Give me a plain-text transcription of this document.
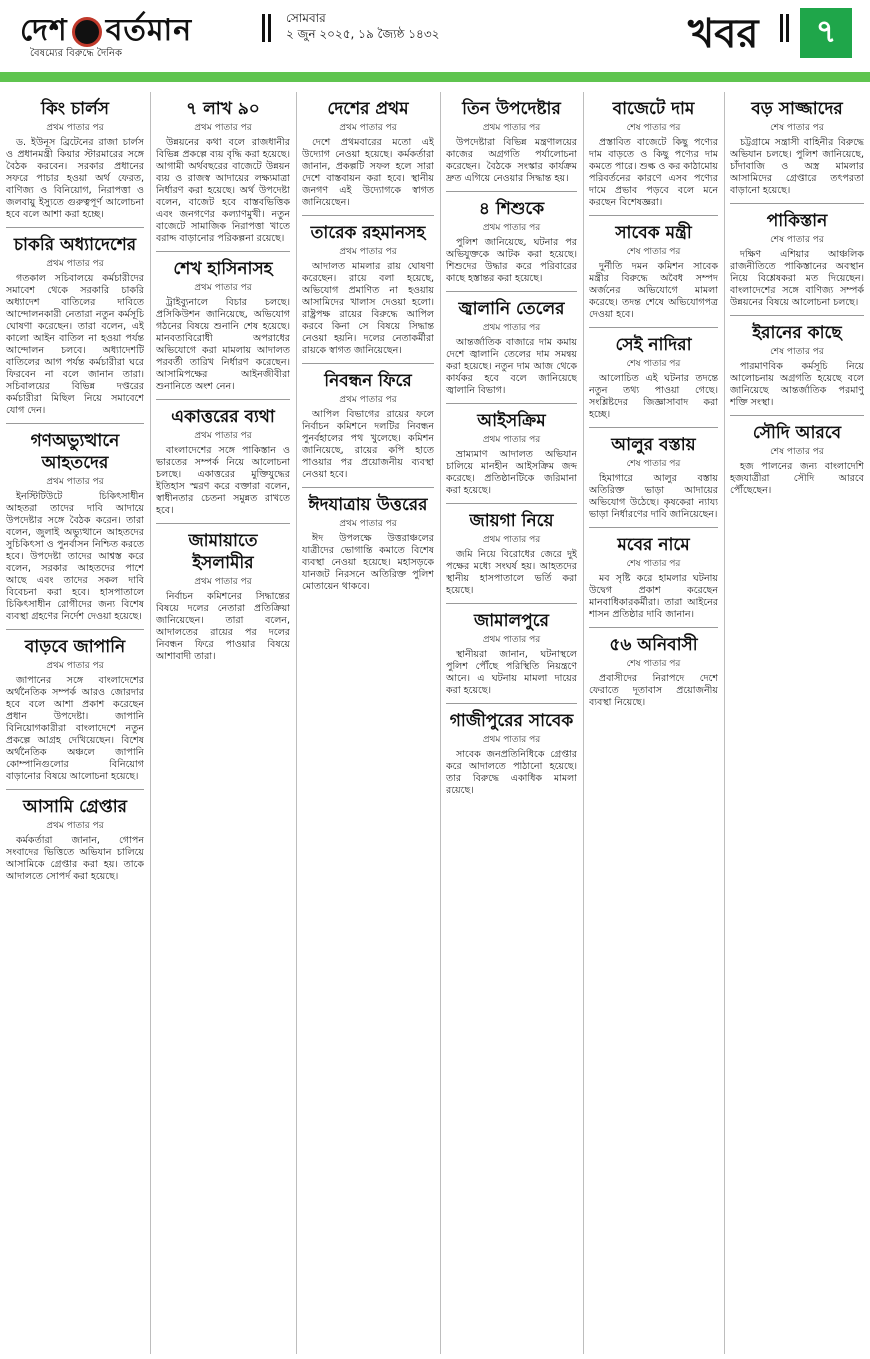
দেশ বর্তমান
বৈষম্যের বিরুদ্ধে দৈনিক
সোমবার
২ জুন ২০২৫, ১৯ জ্যৈষ্ঠ ১৪৩২	খবর	৭
কিং চার্লস
প্রথম পাতার পর

ড. ইউনূস ব্রিটেনের রাজা চার্লস ও প্রধানমন্ত্রী কিয়ার স্টারমারের সঙ্গে বৈঠক করবেন। সরকার প্রধানের সফরে পাচার হওয়া অর্থ ফেরত, বাণিজ্য ও বিনিয়োগ, নিরাপত্তা ও জলবায়ু ইস্যুতে গুরুত্বপূর্ণ আলোচনা হবে বলে আশা করা হচ্ছে।

চাকরি অধ্যাদেশের
প্রথম পাতার পর

গতকাল সচিবালয়ে কর্মচারীদের সমাবেশ থেকে সরকারি চাকরি অধ্যাদেশ বাতিলের দাবিতে আন্দোলনকারী নেতারা নতুন কর্মসূচি ঘোষণা করেছেন। তারা বলেন, এই কালো আইন বাতিল না হওয়া পর্যন্ত আন্দোলন চলবে। অধ্যাদেশটি বাতিলের আগ পর্যন্ত কর্মচারীরা ঘরে ফিরবেন না বলে জানান তারা। সচিবালয়ের বিভিন্ন দপ্তরের কর্মচারীরা মিছিল নিয়ে সমাবেশে যোগ দেন।

গণঅভ্যুত্থানে আহতদের
প্রথম পাতার পর

ইনস্টিটিউটে চিকিৎসাধীন আহতরা তাদের দাবি আদায়ে উপদেষ্টার সঙ্গে বৈঠক করেন। তারা বলেন, জুলাই অভ্যুত্থানে আহতদের সুচিকিৎসা ও পুনর্বাসন নিশ্চিত করতে হবে। উপদেষ্টা তাদের আশ্বস্ত করে বলেন, সরকার আহতদের পাশে আছে এবং তাদের সকল দাবি বিবেচনা করা হবে। হাসপাতালে চিকিৎসাধীন রোগীদের জন্য বিশেষ ব্যবস্থা গ্রহণের নির্দেশ দেওয়া হয়েছে।

বাড়বে জাপানি
প্রথম পাতার পর

জাপানের সঙ্গে বাংলাদেশের অর্থনৈতিক সম্পর্ক আরও জোরদার হবে বলে আশা প্রকাশ করেছেন প্রধান উপদেষ্টা। জাপানি বিনিয়োগকারীরা বাংলাদেশে নতুন প্রকল্পে আগ্রহ দেখিয়েছেন। বিশেষ অর্থনৈতিক অঞ্চলে জাপানি কোম্পানিগুলোর বিনিয়োগ বাড়ানোর বিষয়ে আলোচনা হয়েছে।

আসামি গ্রেপ্তার
প্রথম পাতার পর

কর্মকর্তারা জানান, গোপন সংবাদের ভিত্তিতে অভিযান চালিয়ে আসামিকে গ্রেপ্তার করা হয়। তাকে আদালতে সোপর্দ করা হয়েছে।

৭ লাখ ৯০
প্রথম পাতার পর

উন্নয়নের কথা বলে রাজধানীর বিভিন্ন প্রকল্পে ব্যয় বৃদ্ধি করা হয়েছে। আগামী অর্থবছরের বাজেটে উন্নয়ন ব্যয় ও রাজস্ব আদায়ের লক্ষ্যমাত্রা নির্ধারণ করা হয়েছে। অর্থ উপদেষ্টা বলেন, বাজেট হবে বাস্তবভিত্তিক এবং জনগণের কল্যাণমুখী। নতুন বাজেটে সামাজিক নিরাপত্তা খাতে বরাদ্দ বাড়ানোর পরিকল্পনা রয়েছে।

শেখ হাসিনাসহ
প্রথম পাতার পর

ট্রাইব্যুনালে বিচার চলছে। প্রসিকিউশন জানিয়েছে, অভিযোগ গঠনের বিষয়ে শুনানি শেষ হয়েছে। মানবতাবিরোধী অপরাধের অভিযোগে করা মামলায় আদালত পরবর্তী তারিখ নির্ধারণ করেছেন। আসামিপক্ষের আইনজীবীরা শুনানিতে অংশ নেন।

একাত্তরের ব্যথা
প্রথম পাতার পর

বাংলাদেশের সঙ্গে পাকিস্তান ও ভারতের সম্পর্ক নিয়ে আলোচনা চলছে। একাত্তরের মুক্তিযুদ্ধের ইতিহাস স্মরণ করে বক্তারা বলেন, স্বাধীনতার চেতনা সমুন্নত রাখতে হবে।

জামায়াতে ইসলামীর
প্রথম পাতার পর

নির্বাচন কমিশনের সিদ্ধান্তের বিষয়ে দলের নেতারা প্রতিক্রিয়া জানিয়েছেন। তারা বলেন, আদালতের রায়ের পর দলের নিবন্ধন ফিরে পাওয়ার বিষয়ে আশাবাদী তারা।

দেশের প্রথম
প্রথম পাতার পর

দেশে প্রথমবারের মতো এই উদ্যোগ নেওয়া হয়েছে। কর্মকর্তারা জানান, প্রকল্পটি সফল হলে সারা দেশে বাস্তবায়ন করা হবে। স্থানীয় জনগণ এই উদ্যোগকে স্বাগত জানিয়েছেন।

তারেক রহমানসহ
প্রথম পাতার পর

আদালত মামলার রায় ঘোষণা করেছেন। রায়ে বলা হয়েছে, অভিযোগ প্রমাণিত না হওয়ায় আসামিদের খালাস দেওয়া হলো। রাষ্ট্রপক্ষ রায়ের বিরুদ্ধে আপিল করবে কিনা সে বিষয়ে সিদ্ধান্ত নেওয়া হয়নি। দলের নেতাকর্মীরা রায়কে স্বাগত জানিয়েছেন।

নিবন্ধন ফিরে
প্রথম পাতার পর

আপিল বিভাগের রায়ের ফলে নির্বাচন কমিশনে দলটির নিবন্ধন পুনর্বহালের পথ খুলেছে। কমিশন জানিয়েছে, রায়ের কপি হাতে পাওয়ার পর প্রয়োজনীয় ব্যবস্থা নেওয়া হবে।

ঈদযাত্রায় উত্তরের
প্রথম পাতার পর

ঈদ উপলক্ষে উত্তরাঞ্চলের যাত্রীদের ভোগান্তি কমাতে বিশেষ ব্যবস্থা নেওয়া হয়েছে। মহাসড়কে যানজট নিরসনে অতিরিক্ত পুলিশ মোতায়েন থাকবে।

তিন উপদেষ্টার
প্রথম পাতার পর

উপদেষ্টারা বিভিন্ন মন্ত্রণালয়ের কাজের অগ্রগতি পর্যালোচনা করেছেন। বৈঠকে সংস্কার কার্যক্রম দ্রুত এগিয়ে নেওয়ার সিদ্ধান্ত হয়।

৪ শিশুকে
প্রথম পাতার পর

পুলিশ জানিয়েছে, ঘটনার পর অভিযুক্তকে আটক করা হয়েছে। শিশুদের উদ্ধার করে পরিবারের কাছে হস্তান্তর করা হয়েছে।

জ্বালানি তেলের
প্রথম পাতার পর

আন্তর্জাতিক বাজারে দাম কমায় দেশে জ্বালানি তেলের দাম সমন্বয় করা হয়েছে। নতুন দাম আজ থেকে কার্যকর হবে বলে জানিয়েছে জ্বালানি বিভাগ।

আইসক্রিম
প্রথম পাতার পর

ভ্রাম্যমাণ আদালত অভিযান চালিয়ে মানহীন আইসক্রিম জব্দ করেছে। প্রতিষ্ঠানটিকে জরিমানা করা হয়েছে।

জায়গা নিয়ে
প্রথম পাতার পর

জমি নিয়ে বিরোধের জেরে দুই পক্ষের মধ্যে সংঘর্ষ হয়। আহতদের স্থানীয় হাসপাতালে ভর্তি করা হয়েছে।

জামালপুরে
প্রথম পাতার পর

স্থানীয়রা জানান, ঘটনাস্থলে পুলিশ পৌঁছে পরিস্থিতি নিয়ন্ত্রণে আনে। এ ঘটনায় মামলা দায়ের করা হয়েছে।

গাজীপুরের সাবেক
প্রথম পাতার পর

সাবেক জনপ্রতিনিধিকে গ্রেপ্তার করে আদালতে পাঠানো হয়েছে। তার বিরুদ্ধে একাধিক মামলা রয়েছে।

বাজেটে দাম
শেষ পাতার পর

প্রস্তাবিত বাজেটে কিছু পণ্যের দাম বাড়তে ও কিছু পণ্যের দাম কমতে পারে। শুল্ক ও কর কাঠামোয় পরিবর্তনের কারণে এসব পণ্যের দামে প্রভাব পড়বে বলে মনে করছেন বিশেষজ্ঞরা।

সাবেক মন্ত্রী
শেষ পাতার পর

দুর্নীতি দমন কমিশন সাবেক মন্ত্রীর বিরুদ্ধে অবৈধ সম্পদ অর্জনের অভিযোগে মামলা করেছে। তদন্ত শেষে অভিযোগপত্র দেওয়া হবে।

সেই নাদিরা
শেষ পাতার পর

আলোচিত এই ঘটনার তদন্তে নতুন তথ্য পাওয়া গেছে। সংশ্লিষ্টদের জিজ্ঞাসাবাদ করা হচ্ছে।

আলুর বস্তায়
শেষ পাতার পর

হিমাগারে আলুর বস্তায় অতিরিক্ত ভাড়া আদায়ের অভিযোগ উঠেছে। কৃষকেরা ন্যায্য ভাড়া নির্ধারণের দাবি জানিয়েছেন।

মবের নামে
শেষ পাতার পর

মব সৃষ্টি করে হামলার ঘটনায় উদ্বেগ প্রকাশ করেছেন মানবাধিকারকর্মীরা। তারা আইনের শাসন প্রতিষ্ঠার দাবি জানান।

৫৬ অনিবাসী
শেষ পাতার পর

প্রবাসীদের নিরাপদে দেশে ফেরাতে দূতাবাস প্রয়োজনীয় ব্যবস্থা নিয়েছে।

বড় সাজ্জাদের
শেষ পাতার পর

চট্টগ্রামে সন্ত্রাসী বাহিনীর বিরুদ্ধে অভিযান চলছে। পুলিশ জানিয়েছে, চাঁদাবাজি ও অস্ত্র মামলার আসামিদের গ্রেপ্তারে তৎপরতা বাড়ানো হয়েছে।

পাকিস্তান
শেষ পাতার পর

দক্ষিণ এশিয়ার আঞ্চলিক রাজনীতিতে পাকিস্তানের অবস্থান নিয়ে বিশ্লেষকরা মত দিয়েছেন। বাংলাদেশের সঙ্গে বাণিজ্য সম্পর্ক উন্নয়নের বিষয়ে আলোচনা চলছে।

ইরানের কাছে
শেষ পাতার পর

পারমাণবিক কর্মসূচি নিয়ে আলোচনায় অগ্রগতি হয়েছে বলে জানিয়েছে আন্তর্জাতিক পরমাণু শক্তি সংস্থা।

সৌদি আরবে
শেষ পাতার পর

হজ পালনের জন্য বাংলাদেশি হজযাত্রীরা সৌদি আরবে পৌঁছেছেন।
